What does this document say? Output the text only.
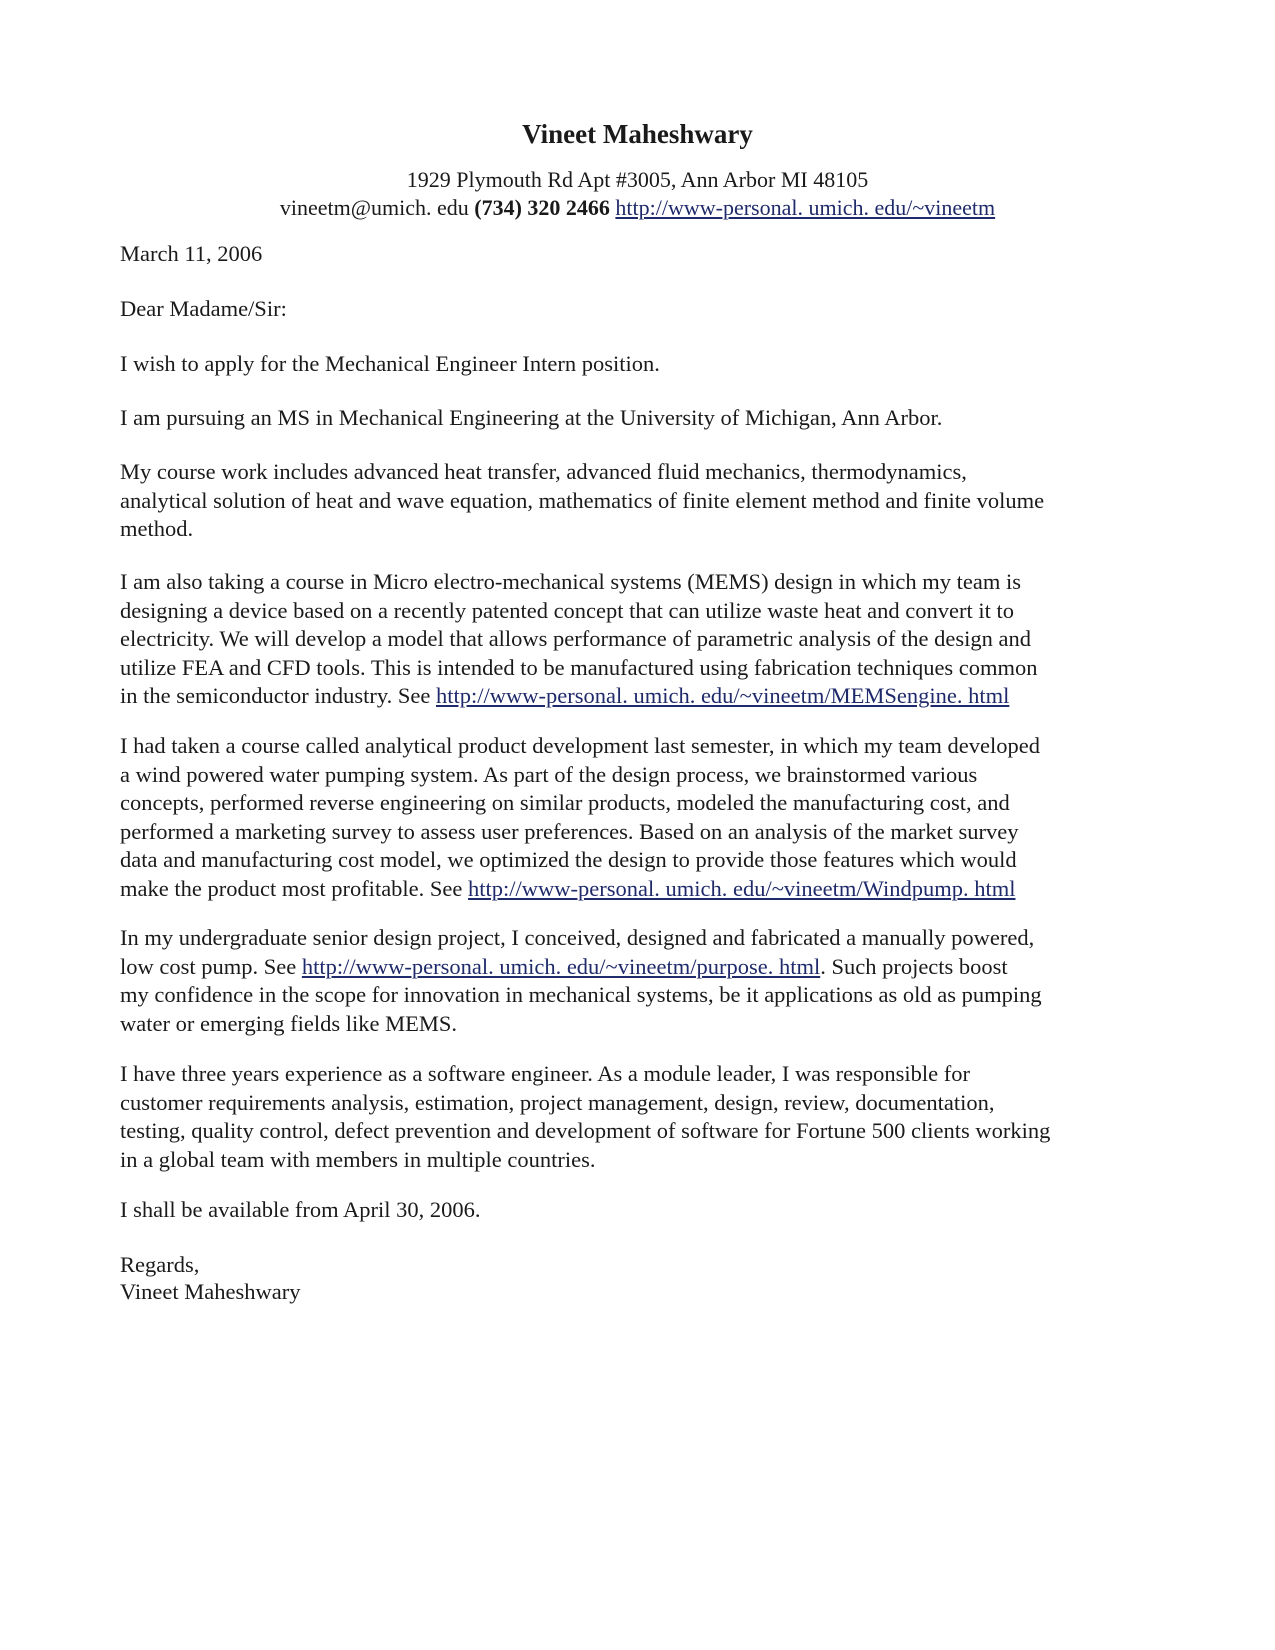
Vineet Maheshwary
1929 Plymouth Rd Apt #3005, Ann Arbor MI 48105
vineetm@umich. edu (734) 320 2466 http://www-personal. umich. edu/~vineetm
March 11, 2006
Dear Madame/Sir:
I wish to apply for the Mechanical Engineer Intern position.
I am pursuing an MS in Mechanical Engineering at the University of Michigan, Ann Arbor.
My course work includes advanced heat transfer, advanced fluid mechanics, thermodynamics,
analytical solution of heat and wave equation, mathematics of finite element method and finite volume
method.
I am also taking a course in Micro electro-mechanical systems (MEMS) design in which my team is
designing a device based on a recently patented concept that can utilize waste heat and convert it to
electricity. We will develop a model that allows performance of parametric analysis of the design and
utilize FEA and CFD tools. This is intended to be manufactured using fabrication techniques common
in the semiconductor industry. See http://www-personal. umich. edu/~vineetm/MEMSengine. html
I had taken a course called analytical product development last semester, in which my team developed
a wind powered water pumping system. As part of the design process, we brainstormed various
concepts, performed reverse engineering on similar products, modeled the manufacturing cost, and
performed a marketing survey to assess user preferences. Based on an analysis of the market survey
data and manufacturing cost model, we optimized the design to provide those features which would
make the product most profitable. See http://www-personal. umich. edu/~vineetm/Windpump. html
In my undergraduate senior design project, I conceived, designed and fabricated a manually powered,
low cost pump. See http://www-personal. umich. edu/~vineetm/purpose. html. Such projects boost
my confidence in the scope for innovation in mechanical systems, be it applications as old as pumping
water or emerging fields like MEMS.
I have three years experience as a software engineer. As a module leader, I was responsible for
customer requirements analysis, estimation, project management, design, review, documentation,
testing, quality control, defect prevention and development of software for Fortune 500 clients working
in a global team with members in multiple countries.
I shall be available from April 30, 2006.
Regards,
Vineet Maheshwary
